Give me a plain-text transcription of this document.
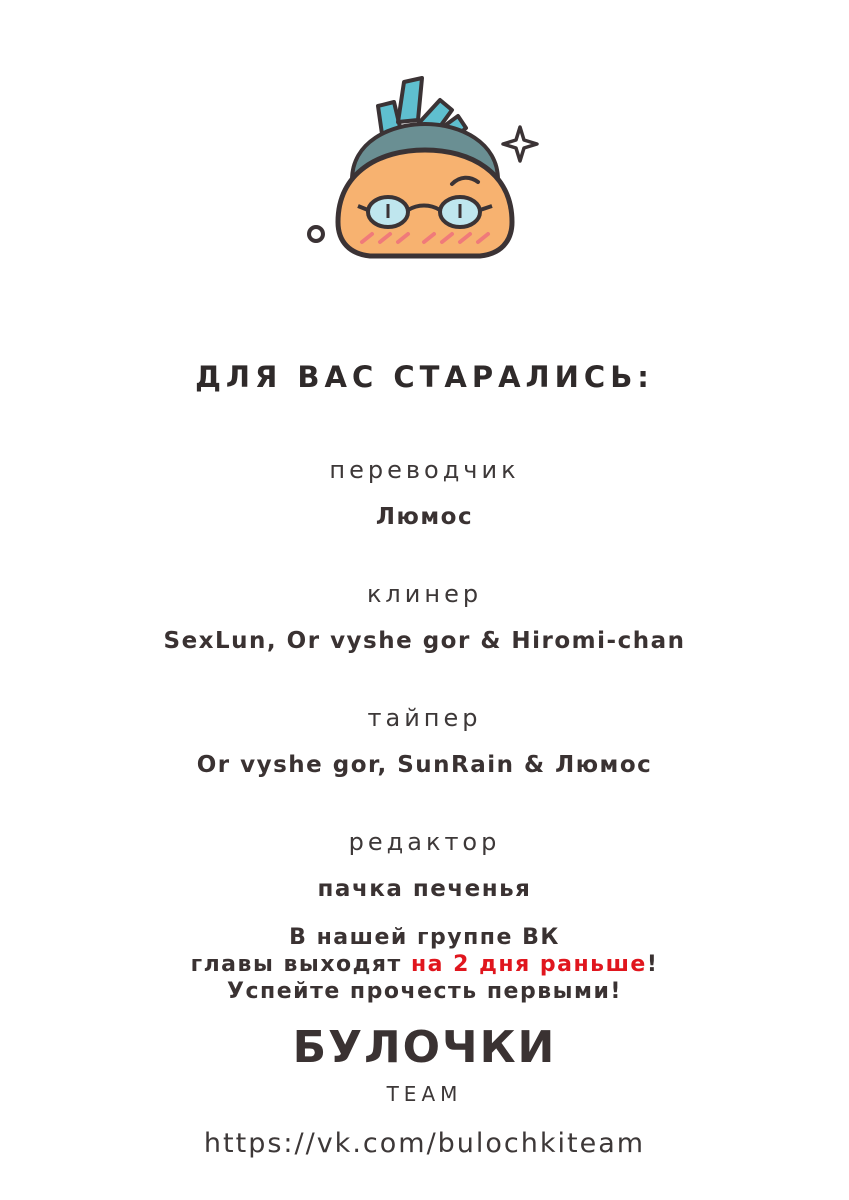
ДЛЯ ВАС СТАРАЛИСЬ:
переводчик
Люмос
клинер
SexLun, Or vyshe gor & Hiromi-chan
тайпер
Or vyshe gor, SunRain & Люмос
редактор
пачка печенья
В нашей группе ВК
главы выходят на 2 дня раньше!
Успейте прочесть первыми!
БУЛОЧКИ
TEAM
https://vk.com/bulochkiteam
